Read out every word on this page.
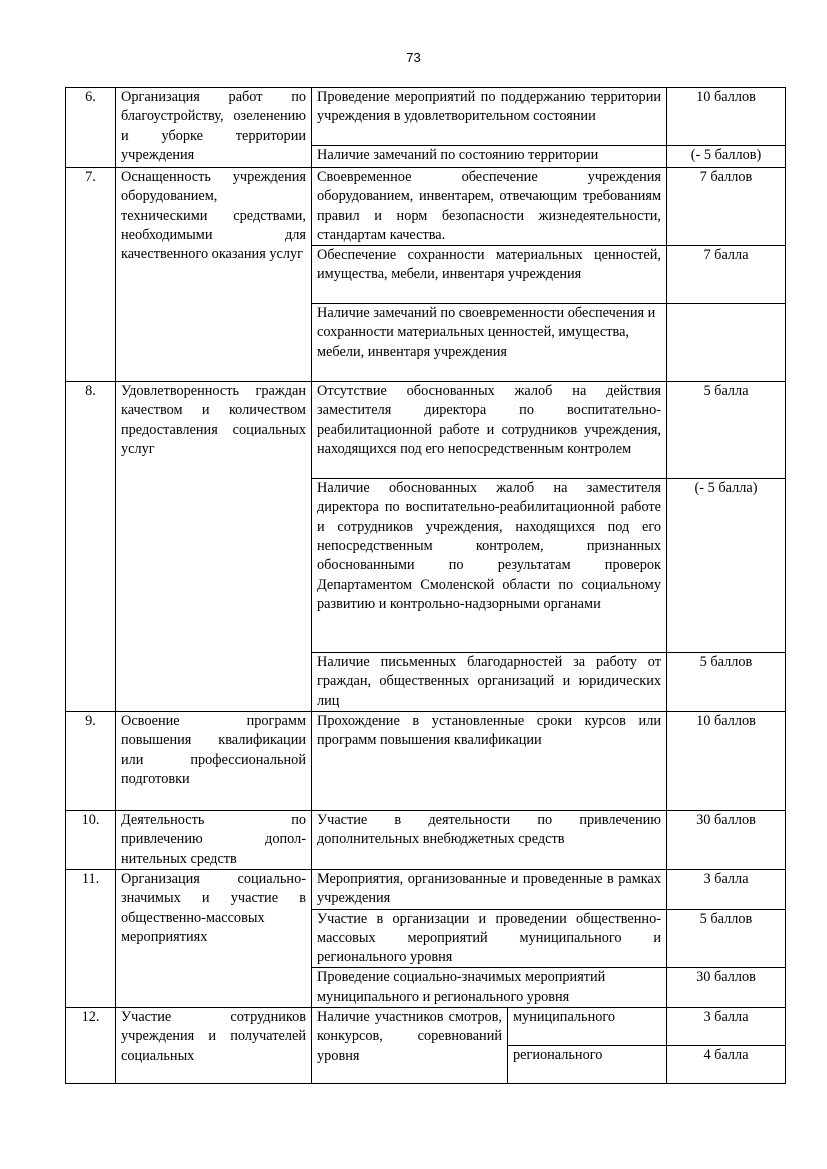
73
6.	Организация работ по благоустройству, озеленению и уборке территории учреждения	Проведение мероприятий по поддержанию территории учреждения в удовлетворительном состоянии		10 баллов

		Наличие замечаний по состоянию территории		(- 5 баллов)
7.	Оснащенность учреждения оборудованием, техническими средствами, необходимыми для качественного оказания услуг	Своевременное обеспечение учреждения оборудованием, инвентарем, отвечающим требованиям правил и норм безопасности жизнедеятельности, стандартам качества.		7 баллов

		Обеспечение сохранности материальных ценностей, имущества, мебели, инвентаря учреждения		7 балла

		Наличие замечаний по своевременности обеспечения и сохранности материальных ценностей, имущества, мебели, инвентаря учреждения		

8.	Удовлетворенность граждан качеством и количеством предоставления социальных услуг	Отсутствие обоснованных жалоб на действия заместителя директора по воспитательно-реабилитационной работе и сотрудников учреждения, находящихся под его непосредственным контролем		5 балла

		Наличие обоснованных жалоб на заместителя директора по воспитательно-реабилитационной работе и сотрудников учреждения, находящихся под его непосредственным контролем, признанных обоснованными по результатам проверок Департаментом Смоленской области по социальному развитию и контрольно-надзорными органами		(- 5 балла)

		Наличие письменных благодарностей за работу от граждан, общественных организаций и юридических лиц		5 баллов
9.	Освоение программ повышения квалификации или профессиональной подготовки	Прохождение в установленные сроки курсов или программ повышения квалификации		10 баллов
10.	Деятельность по привлечению допол-нительных средств	Участие в деятельности по привлечению дополнительных внебюджетных средств		30 баллов
11.	Организация социально-значимых и участие в общественно-массовых мероприятиях	Мероприятия, организованные и проведенные в рамках учреждения		3 балла

		Участие в организации и проведении общественно-массовых мероприятий муниципального и регионального уровня		5 баллов

		Проведение социально-значимых мероприятий муниципального и регионального уровня		30 баллов
12.	Участие сотрудников учреждения и получателей социальных	Наличие участников смотров, конкурсов, соревнований уровня	муниципального	3 балла

			регионального	4 балла
